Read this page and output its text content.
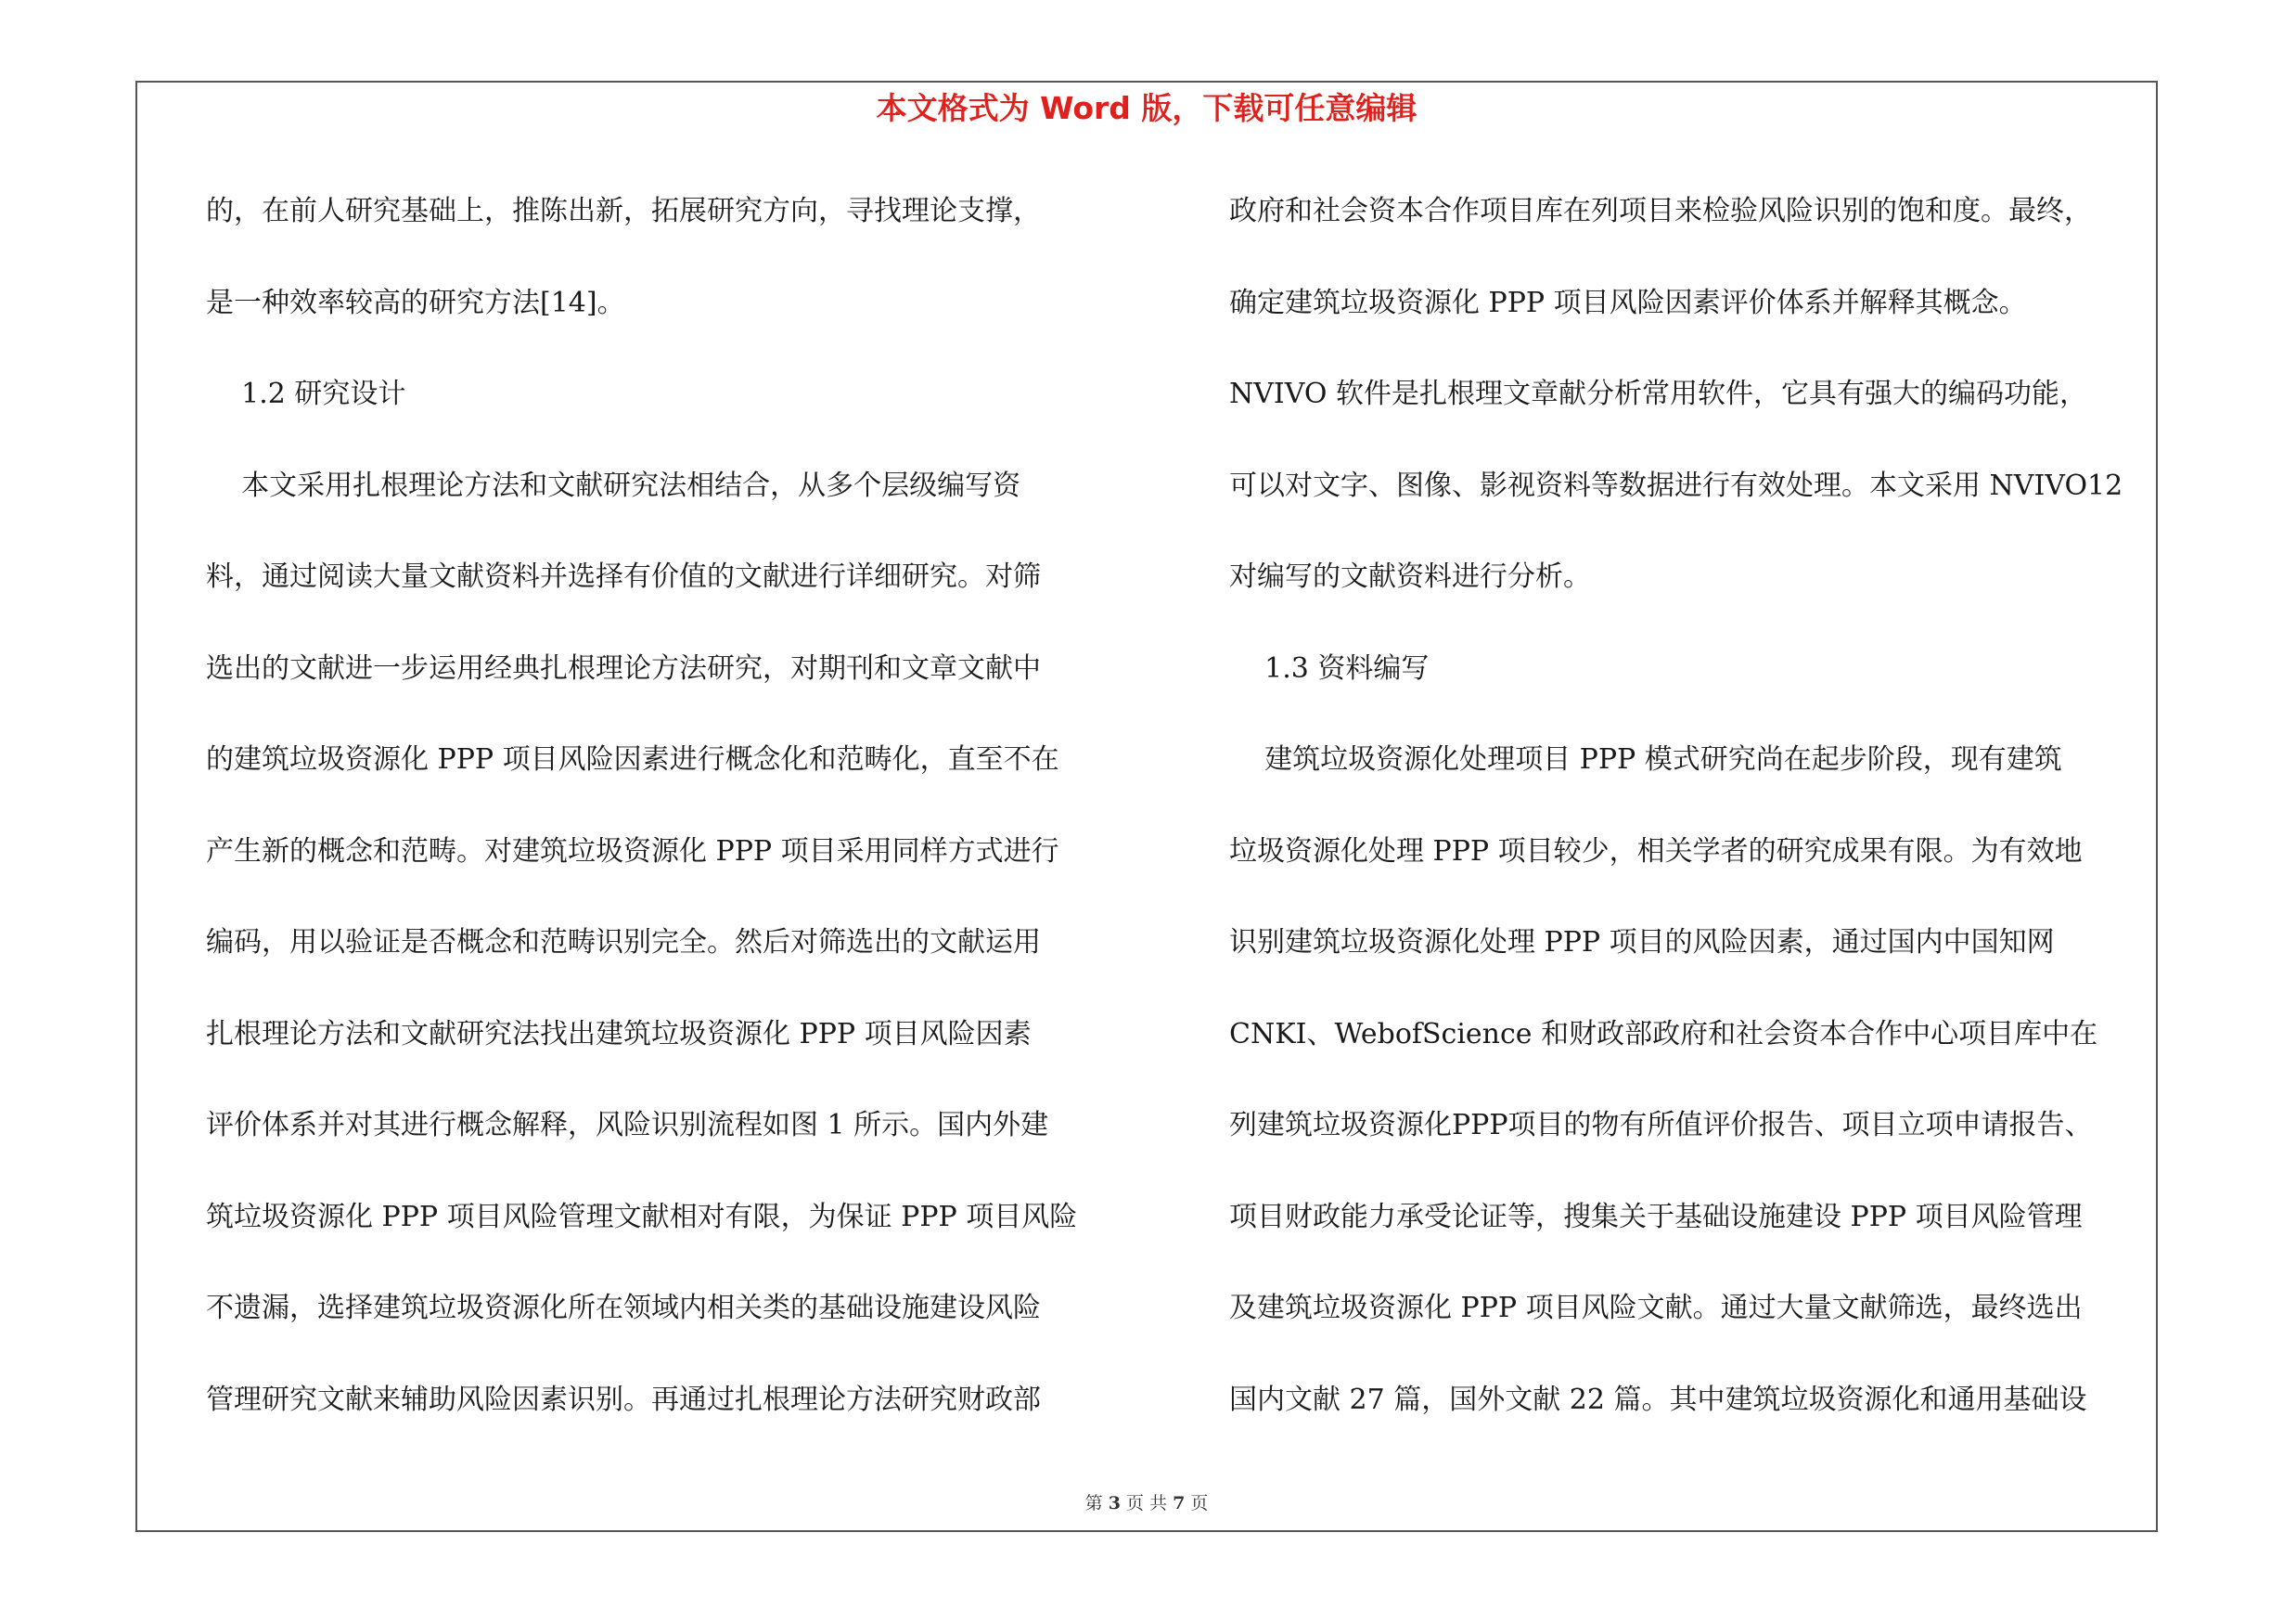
本文格式为 Word 版，下载可任意编辑
的，在前人研究基础上，推陈出新，拓展研究方向，寻找理论支撑，
是一种效率较高的研究方法[14]。
1.2 研究设计
本文采用扎根理论方法和文献研究法相结合，从多个层级编写资
料，通过阅读大量文献资料并选择有价值的文献进行详细研究。对筛
选出的文献进一步运用经典扎根理论方法研究，对期刊和文章文献中
的建筑垃圾资源化 PPP 项目风险因素进行概念化和范畴化，直至不在
产生新的概念和范畴。对建筑垃圾资源化 PPP 项目采用同样方式进行
编码，用以验证是否概念和范畴识别完全。然后对筛选出的文献运用
扎根理论方法和文献研究法找出建筑垃圾资源化 PPP 项目风险因素
评价体系并对其进行概念解释，风险识别流程如图 1 所示。国内外建
筑垃圾资源化 PPP 项目风险管理文献相对有限，为保证 PPP 项目风险
不遗漏，选择建筑垃圾资源化所在领域内相关类的基础设施建设风险
管理研究文献来辅助风险因素识别。再通过扎根理论方法研究财政部
政府和社会资本合作项目库在列项目来检验风险识别的饱和度。最终，
确定建筑垃圾资源化 PPP 项目风险因素评价体系并解释其概念。
NVIVO 软件是扎根理文章献分析常用软件，它具有强大的编码功能，
可以对文字、图像、影视资料等数据进行有效处理。本文采用 NVIVO12
对编写的文献资料进行分析。
1.3 资料编写
建筑垃圾资源化处理项目 PPP 模式研究尚在起步阶段，现有建筑
垃圾资源化处理 PPP 项目较少，相关学者的研究成果有限。为有效地
识别建筑垃圾资源化处理 PPP 项目的风险因素，通过国内中国知网
CNKI、WebofScience 和财政部政府和社会资本合作中心项目库中在
列建筑垃圾资源化PPP项目的物有所值评价报告、项目立项申请报告、
项目财政能力承受论证等，搜集关于基础设施建设 PPP 项目风险管理
及建筑垃圾资源化 PPP 项目风险文献。通过大量文献筛选，最终选出
国内文献 27 篇，国外文献 22 篇。其中建筑垃圾资源化和通用基础设
第 3 页 共 7 页
